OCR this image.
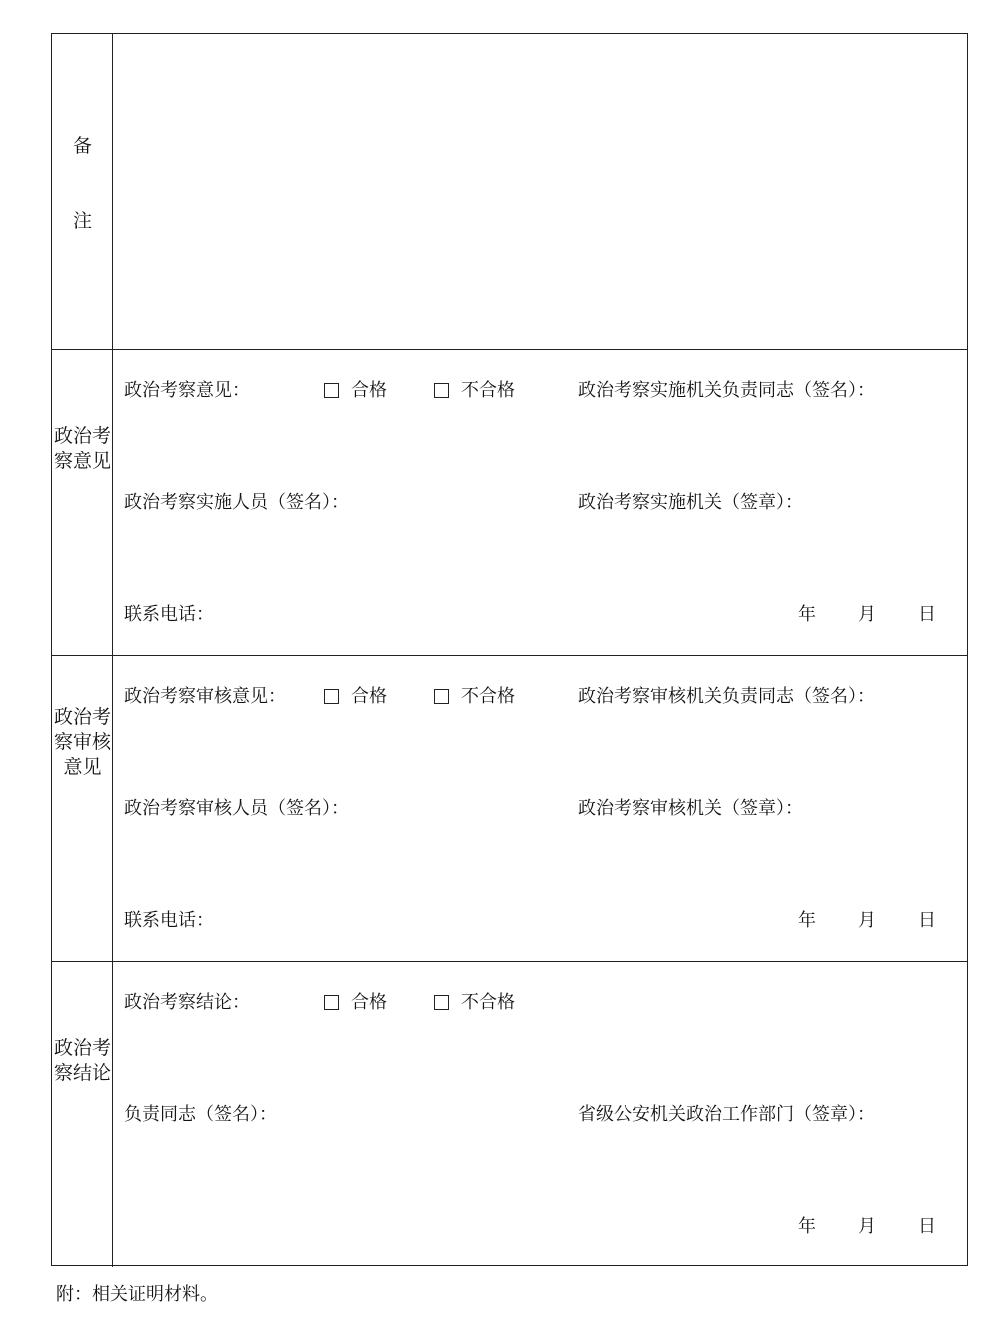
备

注
政治考察意见
政治考察意见：	合格	不合格	政治考察实施机关负责同志（签名）：
政治考察实施人员（签名）：	政治考察实施机关（签章）：
联系电话：	年 月 日
政治考察审核意见
政治考察审核意见：	合格	不合格	政治考察审核机关负责同志（签名）：
政治考察审核人员（签名）：	政治考察审核机关（签章）：
联系电话：	年 月 日
政治考察结论
政治考察结论：	合格	不合格
负责同志（签名）：	省级公安机关政治工作部门（签章）：
年 月 日
附：相关证明材料。
